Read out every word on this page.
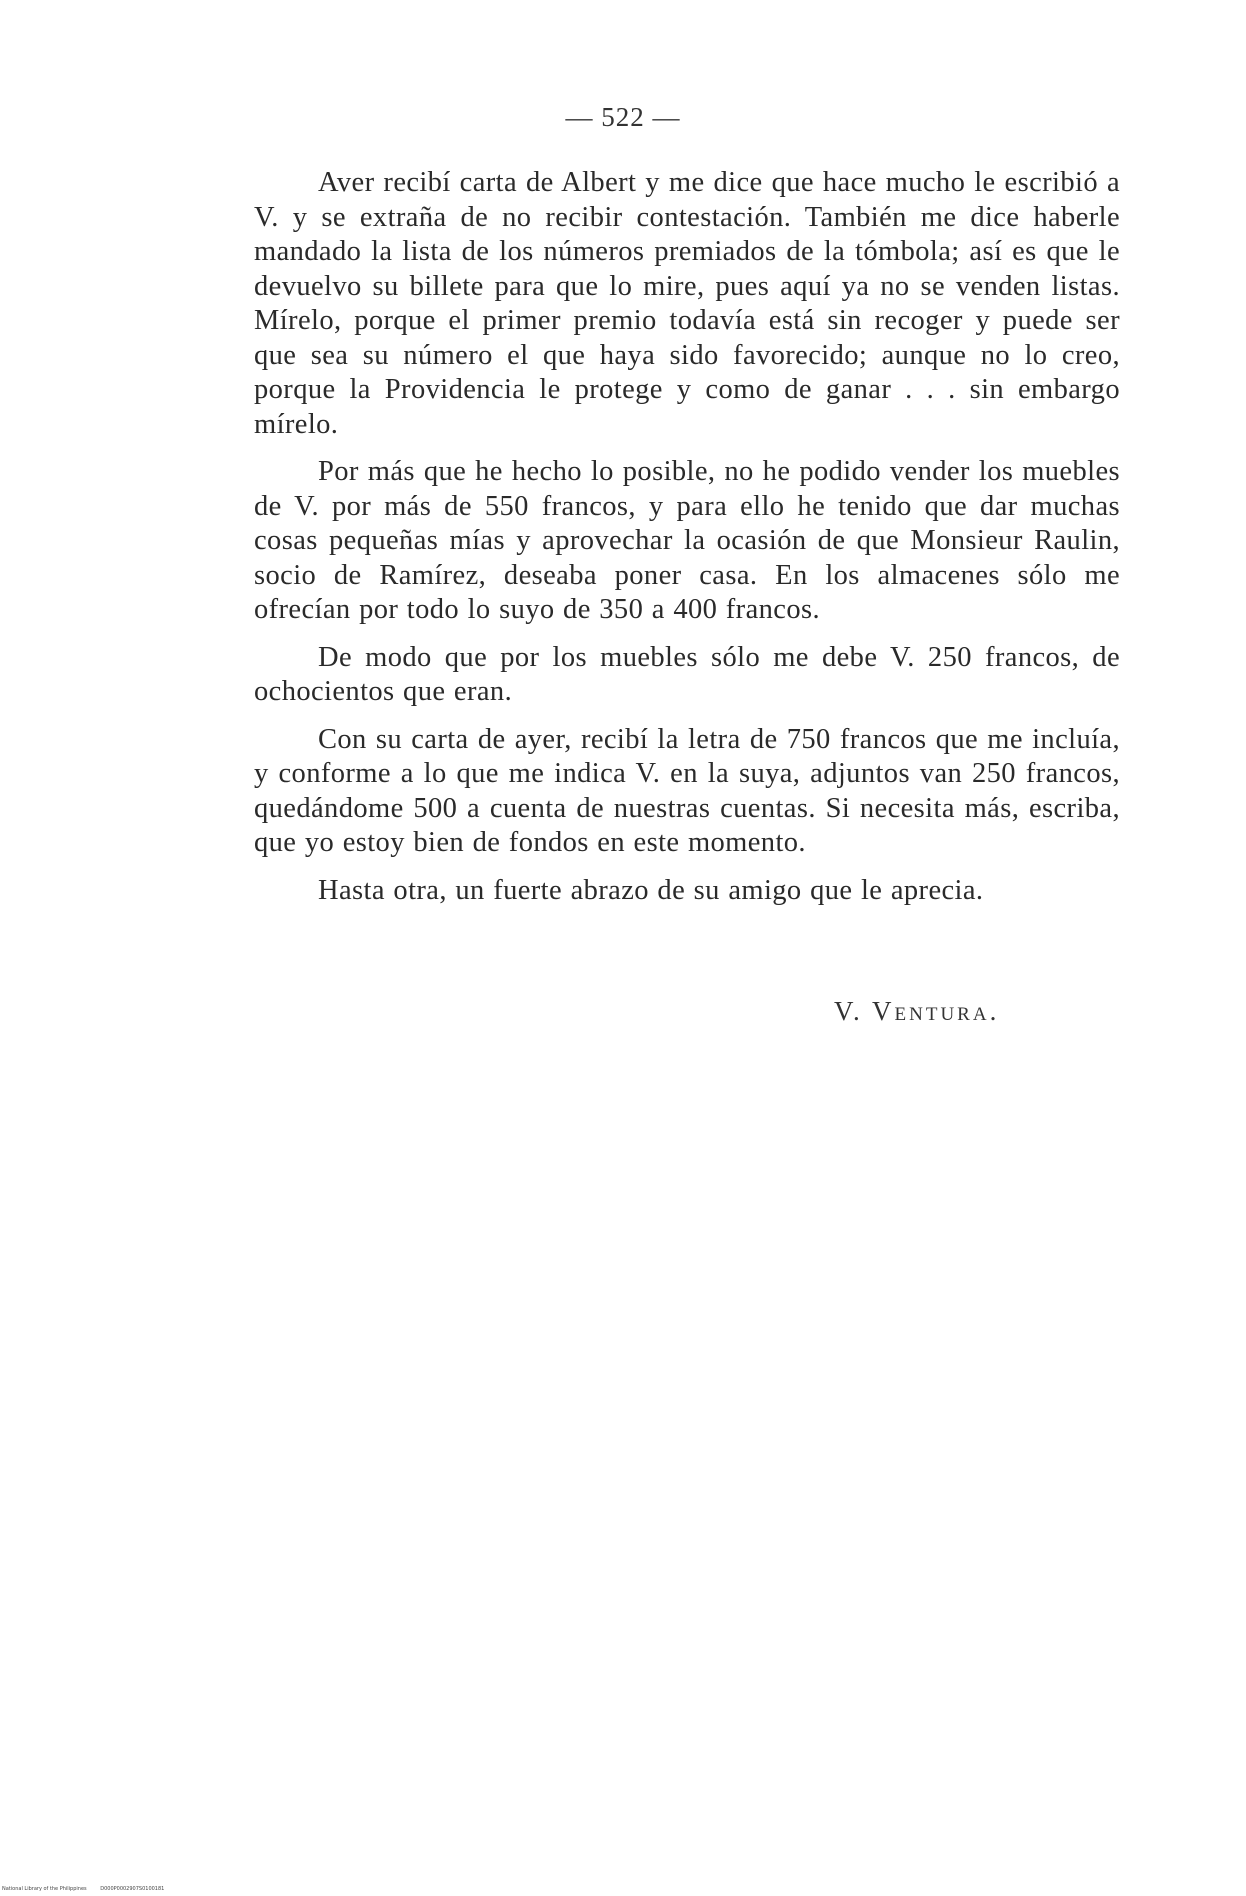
— 522 —

Aver recibí carta de Albert y me dice que hace mucho le escribió a V. y se extraña de no recibir contestación. También me dice haberle mandado la lista de los números premiados de la tómbola; así es que le devuelvo su billete para que lo mire, pues aquí ya no se venden listas. Mírelo, porque el primer premio todavía está sin recoger y puede ser que sea su número el que haya sido favorecido; aunque no lo creo, porque la Providencia le protege y como de ganar . . . sin embargo mírelo.

Por más que he hecho lo posible, no he podido vender los muebles de V. por más de 550 francos, y para ello he tenido que dar muchas cosas pequeñas mías y aprovechar la ocasión de que Monsieur Raulin, socio de Ramírez, deseaba poner casa. En los almacenes sólo me ofrecían por todo lo suyo de 350 a 400 francos.

De modo que por los muebles sólo me debe V. 250 francos, de ochocientos que eran.

Con su carta de ayer, recibí la letra de 750 francos que me incluía, y conforme a lo que me indica V. en la suya, adjuntos van 250 francos, quedándome 500 a cuenta de nuestras cuentas. Si necesita más, escriba, que yo estoy bien de fondos en este momento.

Hasta otra, un fuerte abrazo de su amigo que le aprecia.

V. Ventura.
National Library of the Philippines	D000P0002907S0100181
